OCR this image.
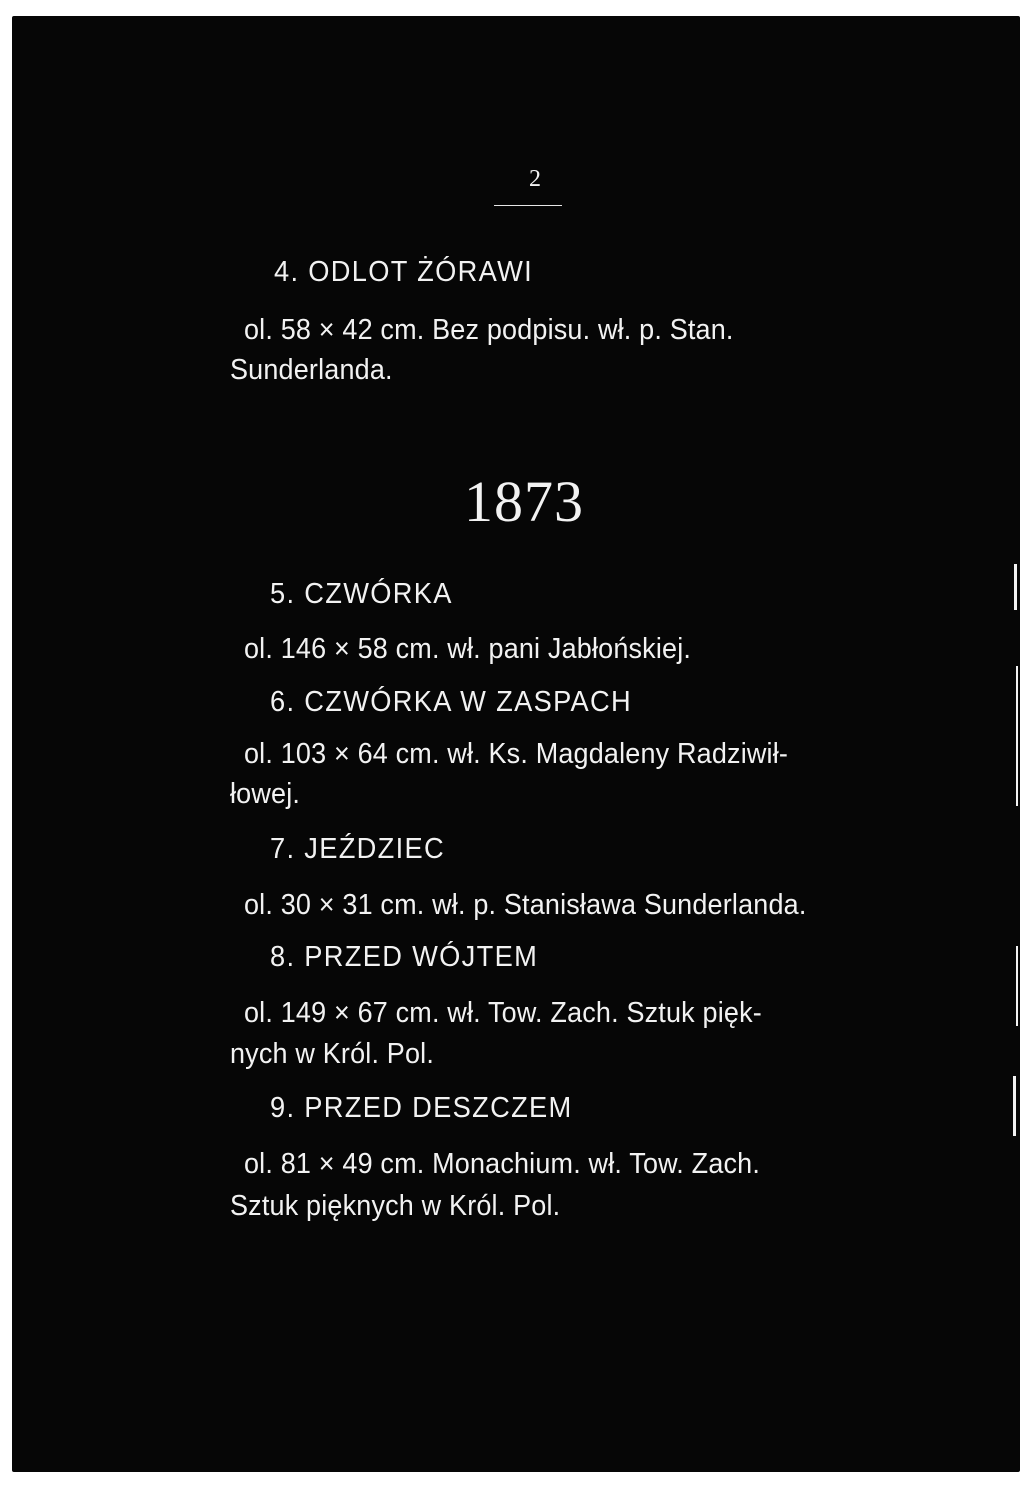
2
4. ODLOT ŻÓRAWI
ol. 58 × 42 cm. Bez podpisu. wł. p. Stan.
Sunderlanda.
1873
5. CZWÓRKA
ol. 146 × 58 cm. wł. pani Jabłońskiej.
6. CZWÓRKA W ZASPACH
ol. 103 × 64 cm. wł. Ks. Magdaleny Radziwił-
łowej.
7. JEŹDZIEC
ol. 30 × 31 cm. wł. p. Stanisława Sunderlanda.
8. PRZED WÓJTEM
ol. 149 × 67 cm. wł. Tow. Zach. Sztuk pięk-
nych w Król. Pol.
9. PRZED DESZCZEM
ol. 81 × 49 cm. Monachium. wł. Tow. Zach.
Sztuk pięknych w Król. Pol.
